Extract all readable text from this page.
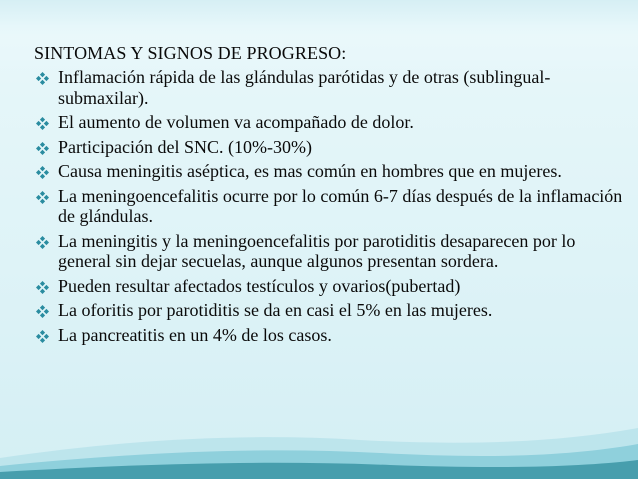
SINTOMAS Y SIGNOS DE PROGRESO:
Inflamación rápida de las glándulas parótidas y de otras (sublingual-submaxilar).
El aumento de volumen va acompañado de dolor.
Participación del SNC. (10%-30%)
Causa meningitis aséptica, es mas común en hombres que en mujeres.
La meningoencefalitis ocurre por lo común 6-7 días después de la inflamación de glándulas.
La meningitis y la meningoencefalitis por parotiditis desaparecen por lo general sin dejar secuelas, aunque algunos presentan sordera.
Pueden resultar afectados testículos y ovarios(pubertad)
La oforitis por parotiditis se da en casi el 5% en las mujeres.
La pancreatitis en un 4% de los casos.
